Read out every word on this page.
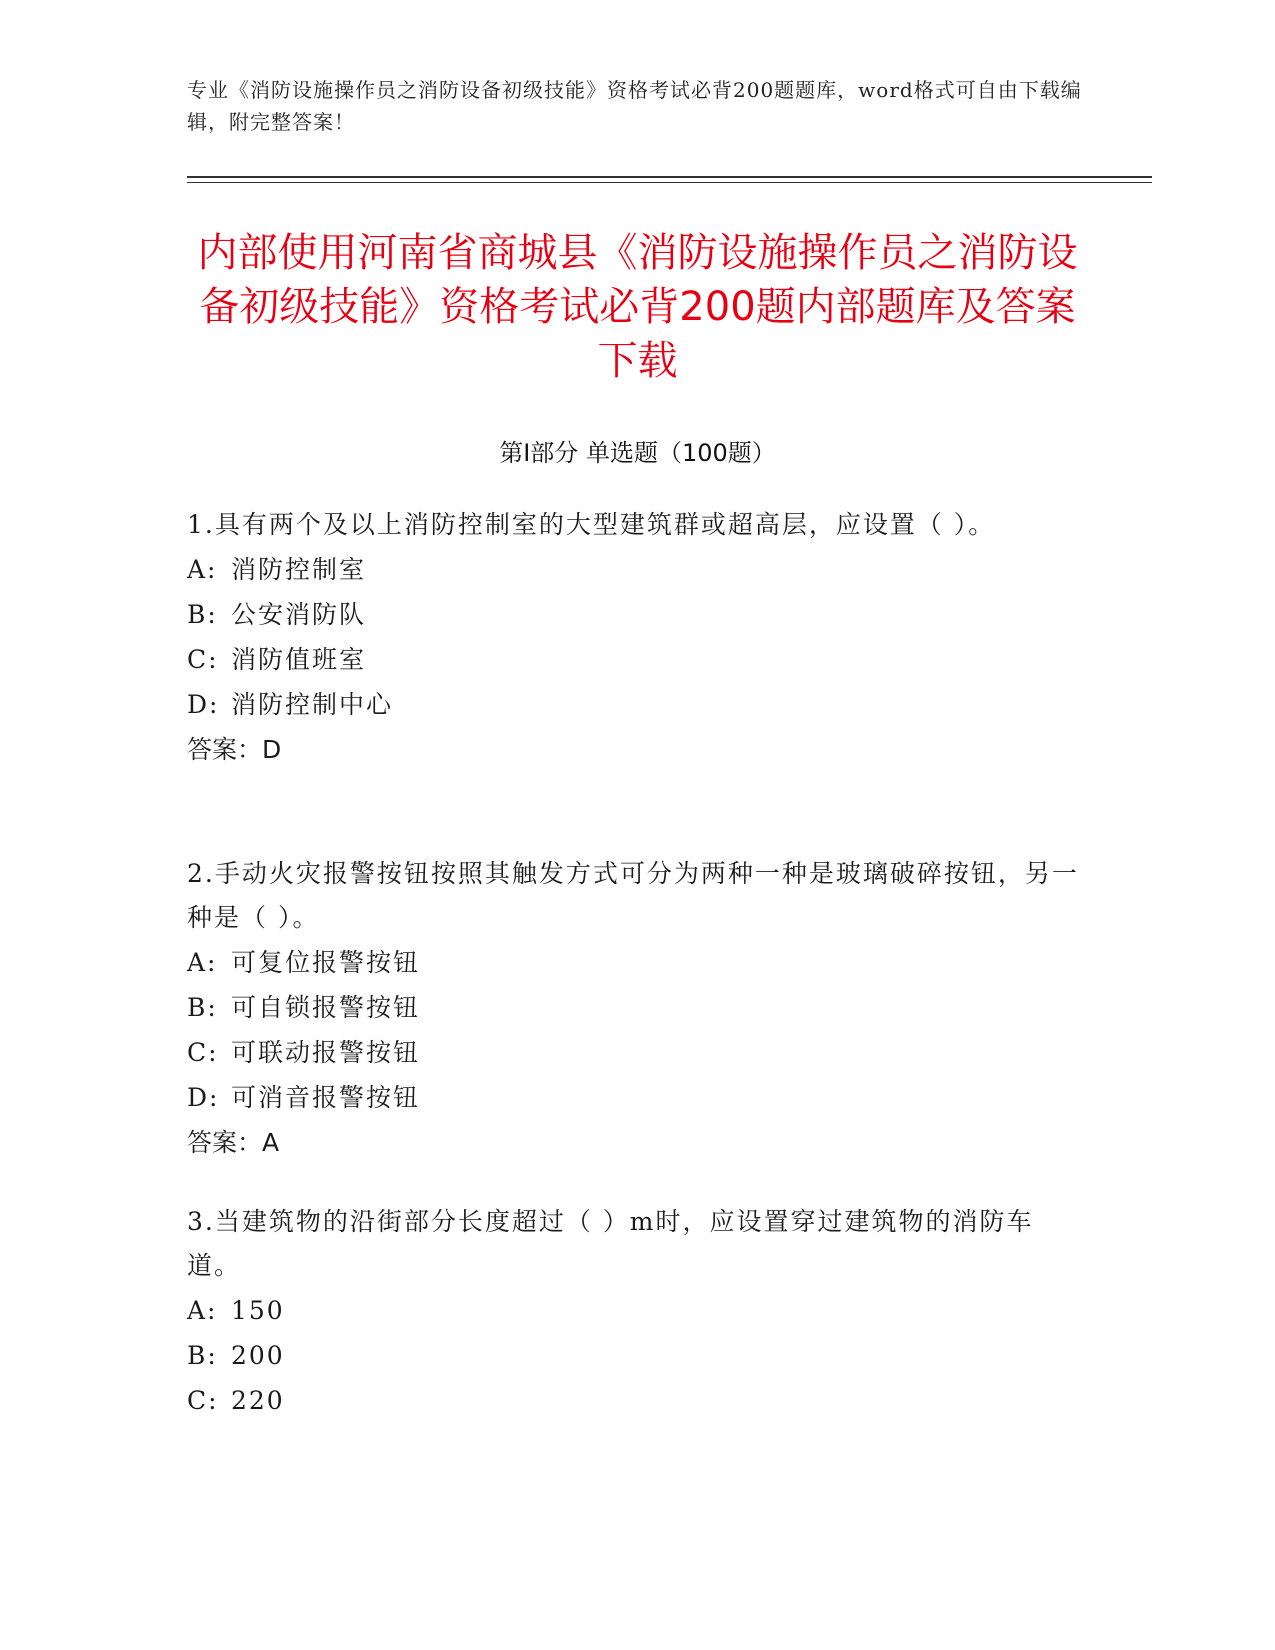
专业《消防设施操作员之消防设备初级技能》资格考试必背200题题库，word格式可自由下载编辑，附完整答案！
内部使用河南省商城县《消防设施操作员之消防设备初级技能》资格考试必背200题内部题库及答案下载
第Ⅰ部分 单选题（100题）

1.具有两个及以上消防控制室的大型建筑群或超高层，应设置（ ）。

A: 消防控制室

B: 公安消防队

C: 消防值班室

D: 消防控制中心

答案：D

2.手动火灾报警按钮按照其触发方式可分为两种一种是玻璃破碎按钮，另一种是（ ）。

A: 可复位报警按钮

B: 可自锁报警按钮

C: 可联动报警按钮

D: 可消音报警按钮

答案：A

3.当建筑物的沿街部分长度超过（ ）m时，应设置穿过建筑物的消防车道。

A: 150

B: 200

C: 220
